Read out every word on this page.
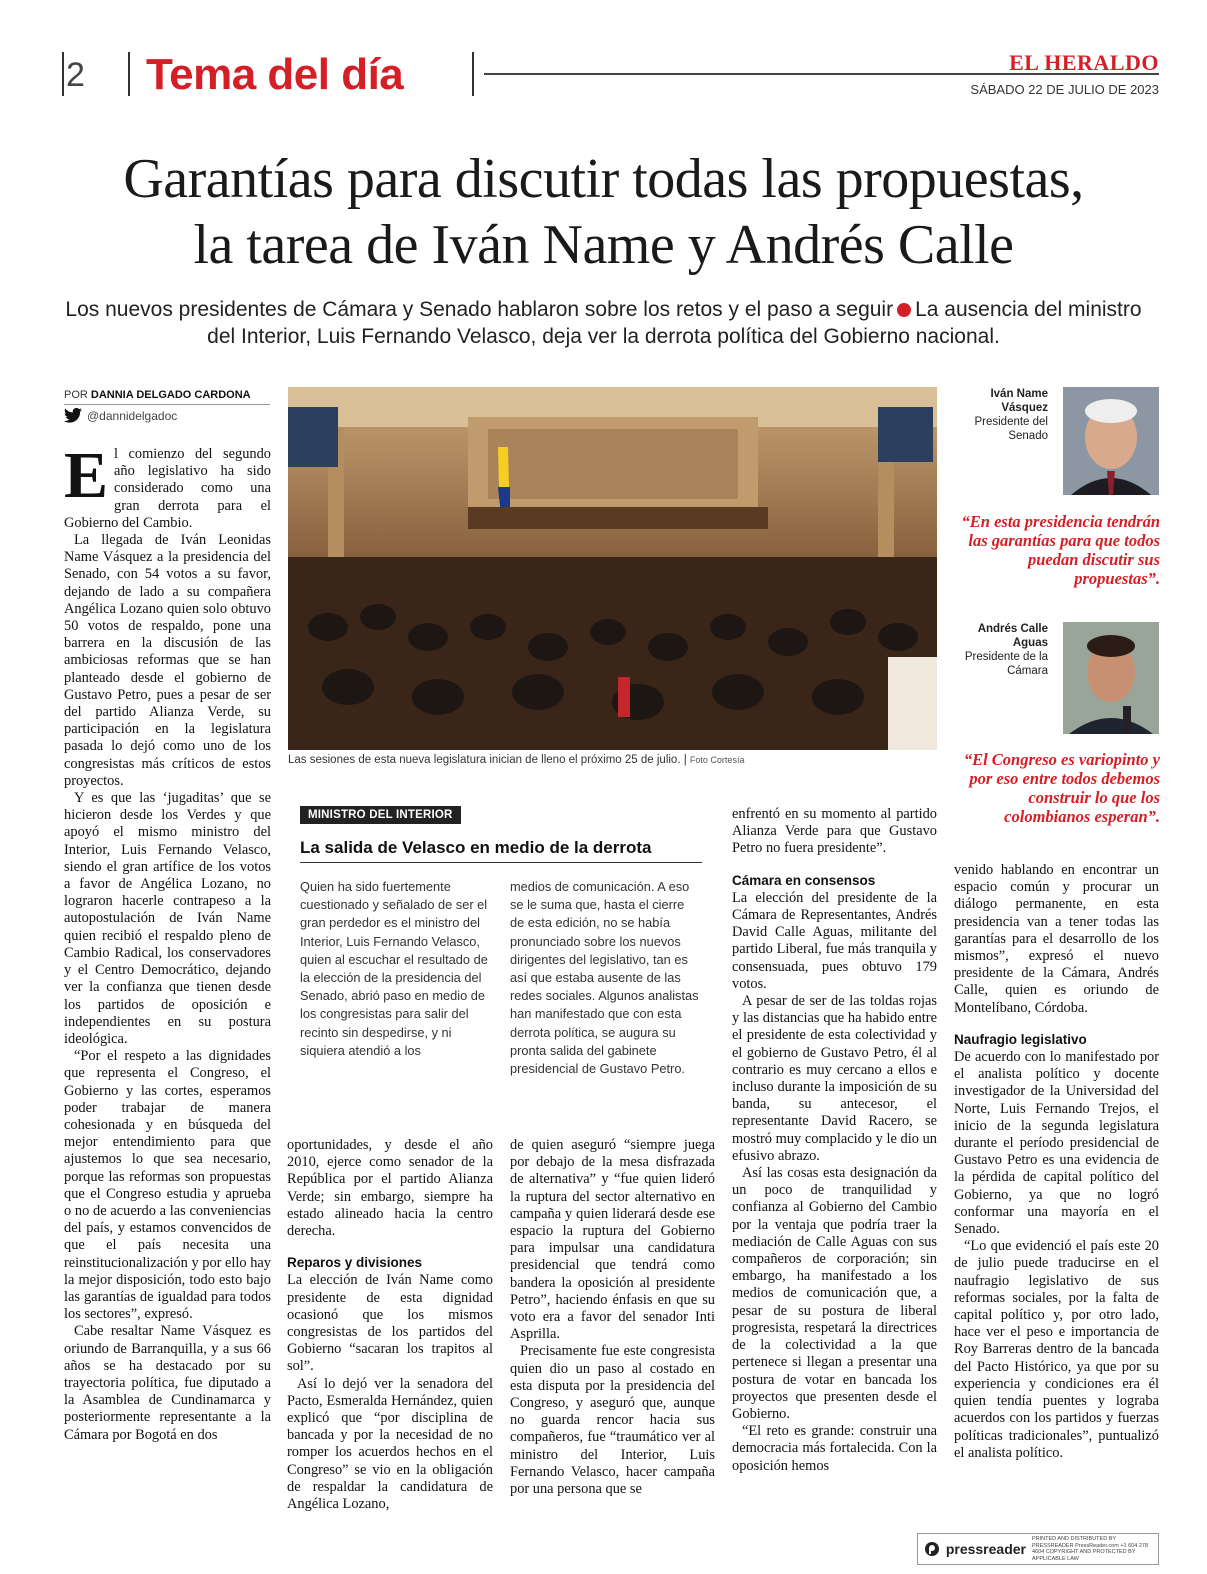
2 Tema del día	EL HERALDO
SÁBADO 22 DE JULIO DE 2023
Garantías para discutir todas las propuestas,
la tarea de Iván Name y Andrés Calle
Los nuevos presidentes de Cámara y Senado hablaron sobre los retos y el paso a seguir La ausencia del ministro del Interior, Luis Fernando Velasco, deja ver la derrota política del Gobierno nacional.
POR DANNIA DELGADO CARDONA
@dannidelgadoc

El comienzo del segundo año legislativo ha sido considerado como una gran derrota para el Gobierno del Cambio.

La llegada de Iván Leonidas Name Vásquez a la presidencia del Senado, con 54 votos a su favor, dejando de lado a su compañera Angélica Lozano quien solo obtuvo 50 votos de respaldo, pone una barrera en la discusión de las ambiciosas reformas que se han planteado desde el gobierno de Gustavo Petro, pues a pesar de ser del partido Alianza Verde, su participación en la legislatura pasada lo dejó como uno de los congresistas más críticos de estos proyectos.

Y es que las ‘jugaditas’ que se hicieron desde los Verdes y que apoyó el mismo ministro del Interior, Luis Fernando Velasco, siendo el gran artífice de los votos a favor de Angélica Lozano, no lograron hacerle contrapeso a la autopostulación de Iván Name quien recibió el respaldo pleno de Cambio Radical, los conservadores y el Centro Democrático, dejando ver la confianza que tienen desde los partidos de oposición e independientes en su postura ideológica.

“Por el respeto a las dignidades que representa el Congreso, el Gobierno y las cortes, esperamos poder trabajar de manera cohesionada y en búsqueda del mejor entendimiento para que ajustemos lo que sea necesario, porque las reformas son propuestas que el Congreso estudia y aprueba o no de acuerdo a las conveniencias del país, y estamos convencidos de que el país necesita una reinstitucionalización y por ello hay la mejor disposición, todo esto bajo las garantías de igualdad para todos los sectores”, expresó.

Cabe resaltar Name Vásquez es oriundo de Barranquilla, y a sus 66 años se ha destacado por su trayectoria política, fue diputado a la Asamblea de Cundinamarca y posteriormente representante a la Cámara por Bogotá en dos

Las sesiones de esta nueva legislatura inician de lleno el próximo 25 de julio. | Foto Cortesía
Iván Name Vásquez
Presidente del Senado
“En esta presidencia tendrán las garantías para que todos puedan discutir sus propuestas”.
Andrés Calle Aguas
Presidente de la Cámara
“El Congreso es variopinto y por eso entre todos debemos construir lo que los colombianos esperan”.
MINISTRO DEL INTERIOR
La salida de Velasco en medio de la derrota
Quien ha sido fuertemente cuestionado y señalado de ser el gran perdedor es el ministro del Interior, Luis Fernando Velasco, quien al escuchar el resultado de la elección de la presidencia del Senado, abrió paso en medio de los congresistas para salir del recinto sin despedirse, y ni siquiera atendió a los
medios de comunicación. A eso se le suma que, hasta el cierre de esta edición, no se había pronunciado sobre los nuevos dirigentes del legislativo, tan es así que estaba ausente de las redes sociales. Algunos analistas han manifestado que con esta derrota política, se augura su pronta salida del gabinete presidencial de Gustavo Petro.

oportunidades, y desde el año 2010, ejerce como senador de la República por el partido Alianza Verde; sin embargo, siempre ha estado alineado hacia la centro derecha.

Reparos y divisiones

La elección de Iván Name como presidente de esta dignidad ocasionó que los mismos congresistas de los partidos del Gobierno “sacaran los trapitos al sol”.

Así lo dejó ver la senadora del Pacto, Esmeralda Hernández, quien explicó que “por disciplina de bancada y por la necesidad de no romper los acuerdos hechos en el Congreso” se vio en la obligación de respaldar la candidatura de Angélica Lozano,

de quien aseguró “siempre juega por debajo de la mesa disfrazada de alternativa” y “fue quien lideró la ruptura del sector alternativo en campaña y quien liderará desde ese espacio la ruptura del Gobierno para impulsar una candidatura presidencial que tendrá como bandera la oposición al presidente Petro”, haciendo énfasis en que su voto era a favor del senador Inti Asprilla.

Precisamente fue este congresista quien dio un paso al costado en esta disputa por la presidencia del Congreso, y aseguró que, aunque no guarda rencor hacia sus compañeros, fue “traumático ver al ministro del Interior, Luis Fernando Velasco, hacer campaña por una persona que se

enfrentó en su momento al partido Alianza Verde para que Gustavo Petro no fuera presidente”.

Cámara en consensos

La elección del presidente de la Cámara de Representantes, Andrés David Calle Aguas, militante del partido Liberal, fue más tranquila y consensuada, pues obtuvo 179 votos.

A pesar de ser de las toldas rojas y las distancias que ha habido entre el presidente de esta colectividad y el gobierno de Gustavo Petro, él al contrario es muy cercano a ellos e incluso durante la imposición de su banda, su antecesor, el representante David Racero, se mostró muy complacido y le dio un efusivo abrazo.

Así las cosas esta designación da un poco de tranquilidad y confianza al Gobierno del Cambio por la ventaja que podría traer la mediación de Calle Aguas con sus compañeros de corporación; sin embargo, ha manifestado a los medios de comunicación que, a pesar de su postura de liberal progresista, respetará la directrices de la colectividad a la que pertenece si llegan a presentar una postura de votar en bancada los proyectos que presenten desde el Gobierno.

“El reto es grande: construir una democracia más fortalecida. Con la oposición hemos

venido hablando en encontrar un espacio común y procurar un diálogo permanente, en esta presidencia van a tener todas las garantías para el desarrollo de los mismos”, expresó el nuevo presidente de la Cámara, Andrés Calle, quien es oriundo de Montelíbano, Córdoba.

Naufragio legislativo

De acuerdo con lo manifestado por el analista político y docente investigador de la Universidad del Norte, Luis Fernando Trejos, el inicio de la segunda legislatura durante el período presidencial de Gustavo Petro es una evidencia de la pérdida de capital político del Gobierno, ya que no logró conformar una mayoría en el Senado.

“Lo que evidenció el país este 20 de julio puede traducirse en el naufragio legislativo de sus reformas sociales, por la falta de capital político y, por otro lado, hace ver el peso e importancia de Roy Barreras dentro de la bancada del Pacto Histórico, ya que por su experiencia y condiciones era él quien tendía puentes y lograba acuerdos con los partidos y fuerzas políticas tradicionales”, puntualizó el analista político.

pressreader
PRINTED AND DISTRIBUTED BY PRESSREADER PressReader.com +1 604 278 4604 COPYRIGHT AND PROTECTED BY APPLICABLE LAW
